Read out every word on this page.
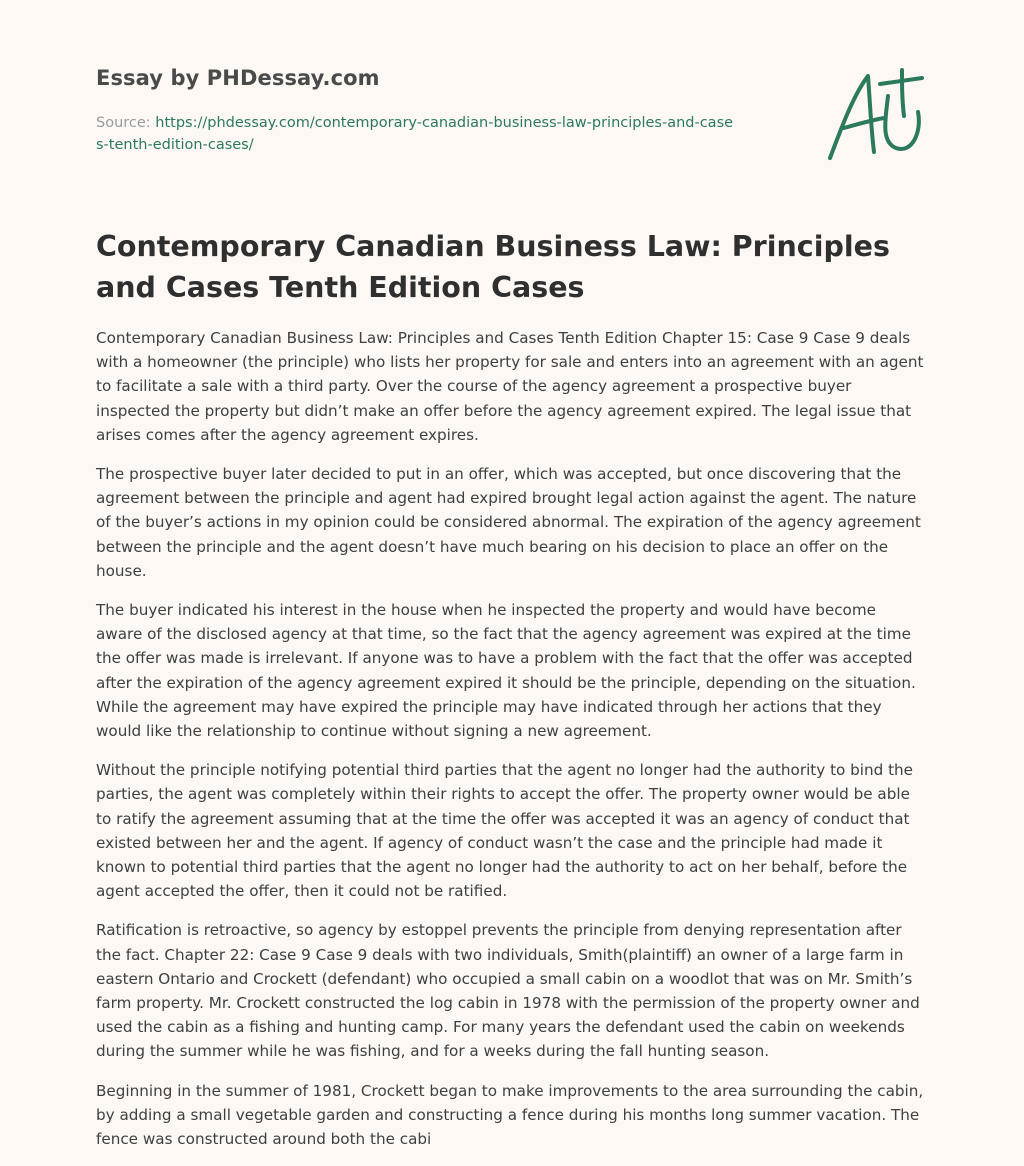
Essay by PHDessay.com
Source: https://phdessay.com/contemporary-canadian-business-law-principles-and-cases-tenth-edition-cases/
Contemporary Canadian Business Law: Principles and Cases Tenth Edition Cases

Contemporary Canadian Business Law: Principles and Cases Tenth Edition Chapter 15: Case 9 Case 9 deals with a homeowner (the principle) who lists her property for sale and enters into an agreement with an agent to facilitate a sale with a third party. Over the course of the agency agreement a prospective buyer inspected the property but didn’t make an offer before the agency agreement expired. The legal issue that arises comes after the agency agreement expires.

The prospective buyer later decided to put in an offer, which was accepted, but once discovering that the agreement between the principle and agent had expired brought legal action against the agent. The nature of the buyer’s actions in my opinion could be considered abnormal. The expiration of the agency agreement between the principle and the agent doesn’t have much bearing on his decision to place an offer on the house.

The buyer indicated his interest in the house when he inspected the property and would have become aware of the disclosed agency at that time, so the fact that the agency agreement was expired at the time the offer was made is irrelevant. If anyone was to have a problem with the fact that the offer was accepted after the expiration of the agency agreement expired it should be the principle, depending on the situation. While the agreement may have expired the principle may have indicated through her actions that they would like the relationship to continue without signing a new agreement.

Without the principle notifying potential third parties that the agent no longer had the authority to bind the parties, the agent was completely within their rights to accept the offer. The property owner would be able to ratify the agreement assuming that at the time the offer was accepted it was an agency of conduct that existed between her and the agent. If agency of conduct wasn’t the case and the principle had made it known to potential third parties that the agent no longer had the authority to act on her behalf, before the agent accepted the offer, then it could not be ratified.

Ratification is retroactive, so agency by estoppel prevents the principle from denying representation after the fact. Chapter 22: Case 9 Case 9 deals with two individuals, Smith(plaintiff) an owner of a large farm in eastern Ontario and Crockett (defendant) who occupied a small cabin on a woodlot that was on Mr. Smith’s farm property. Mr. Crockett constructed the log cabin in 1978 with the permission of the property owner and used the cabin as a fishing and hunting camp. For many years the defendant used the cabin on weekends during the summer while he was fishing, and for a weeks during the fall hunting season.

Beginning in the summer of 1981, Crockett began to make improvements to the area surrounding the cabin, by adding a small vegetable garden and constructing a fence during his months long summer vacation. The fence was constructed around both the cabi
